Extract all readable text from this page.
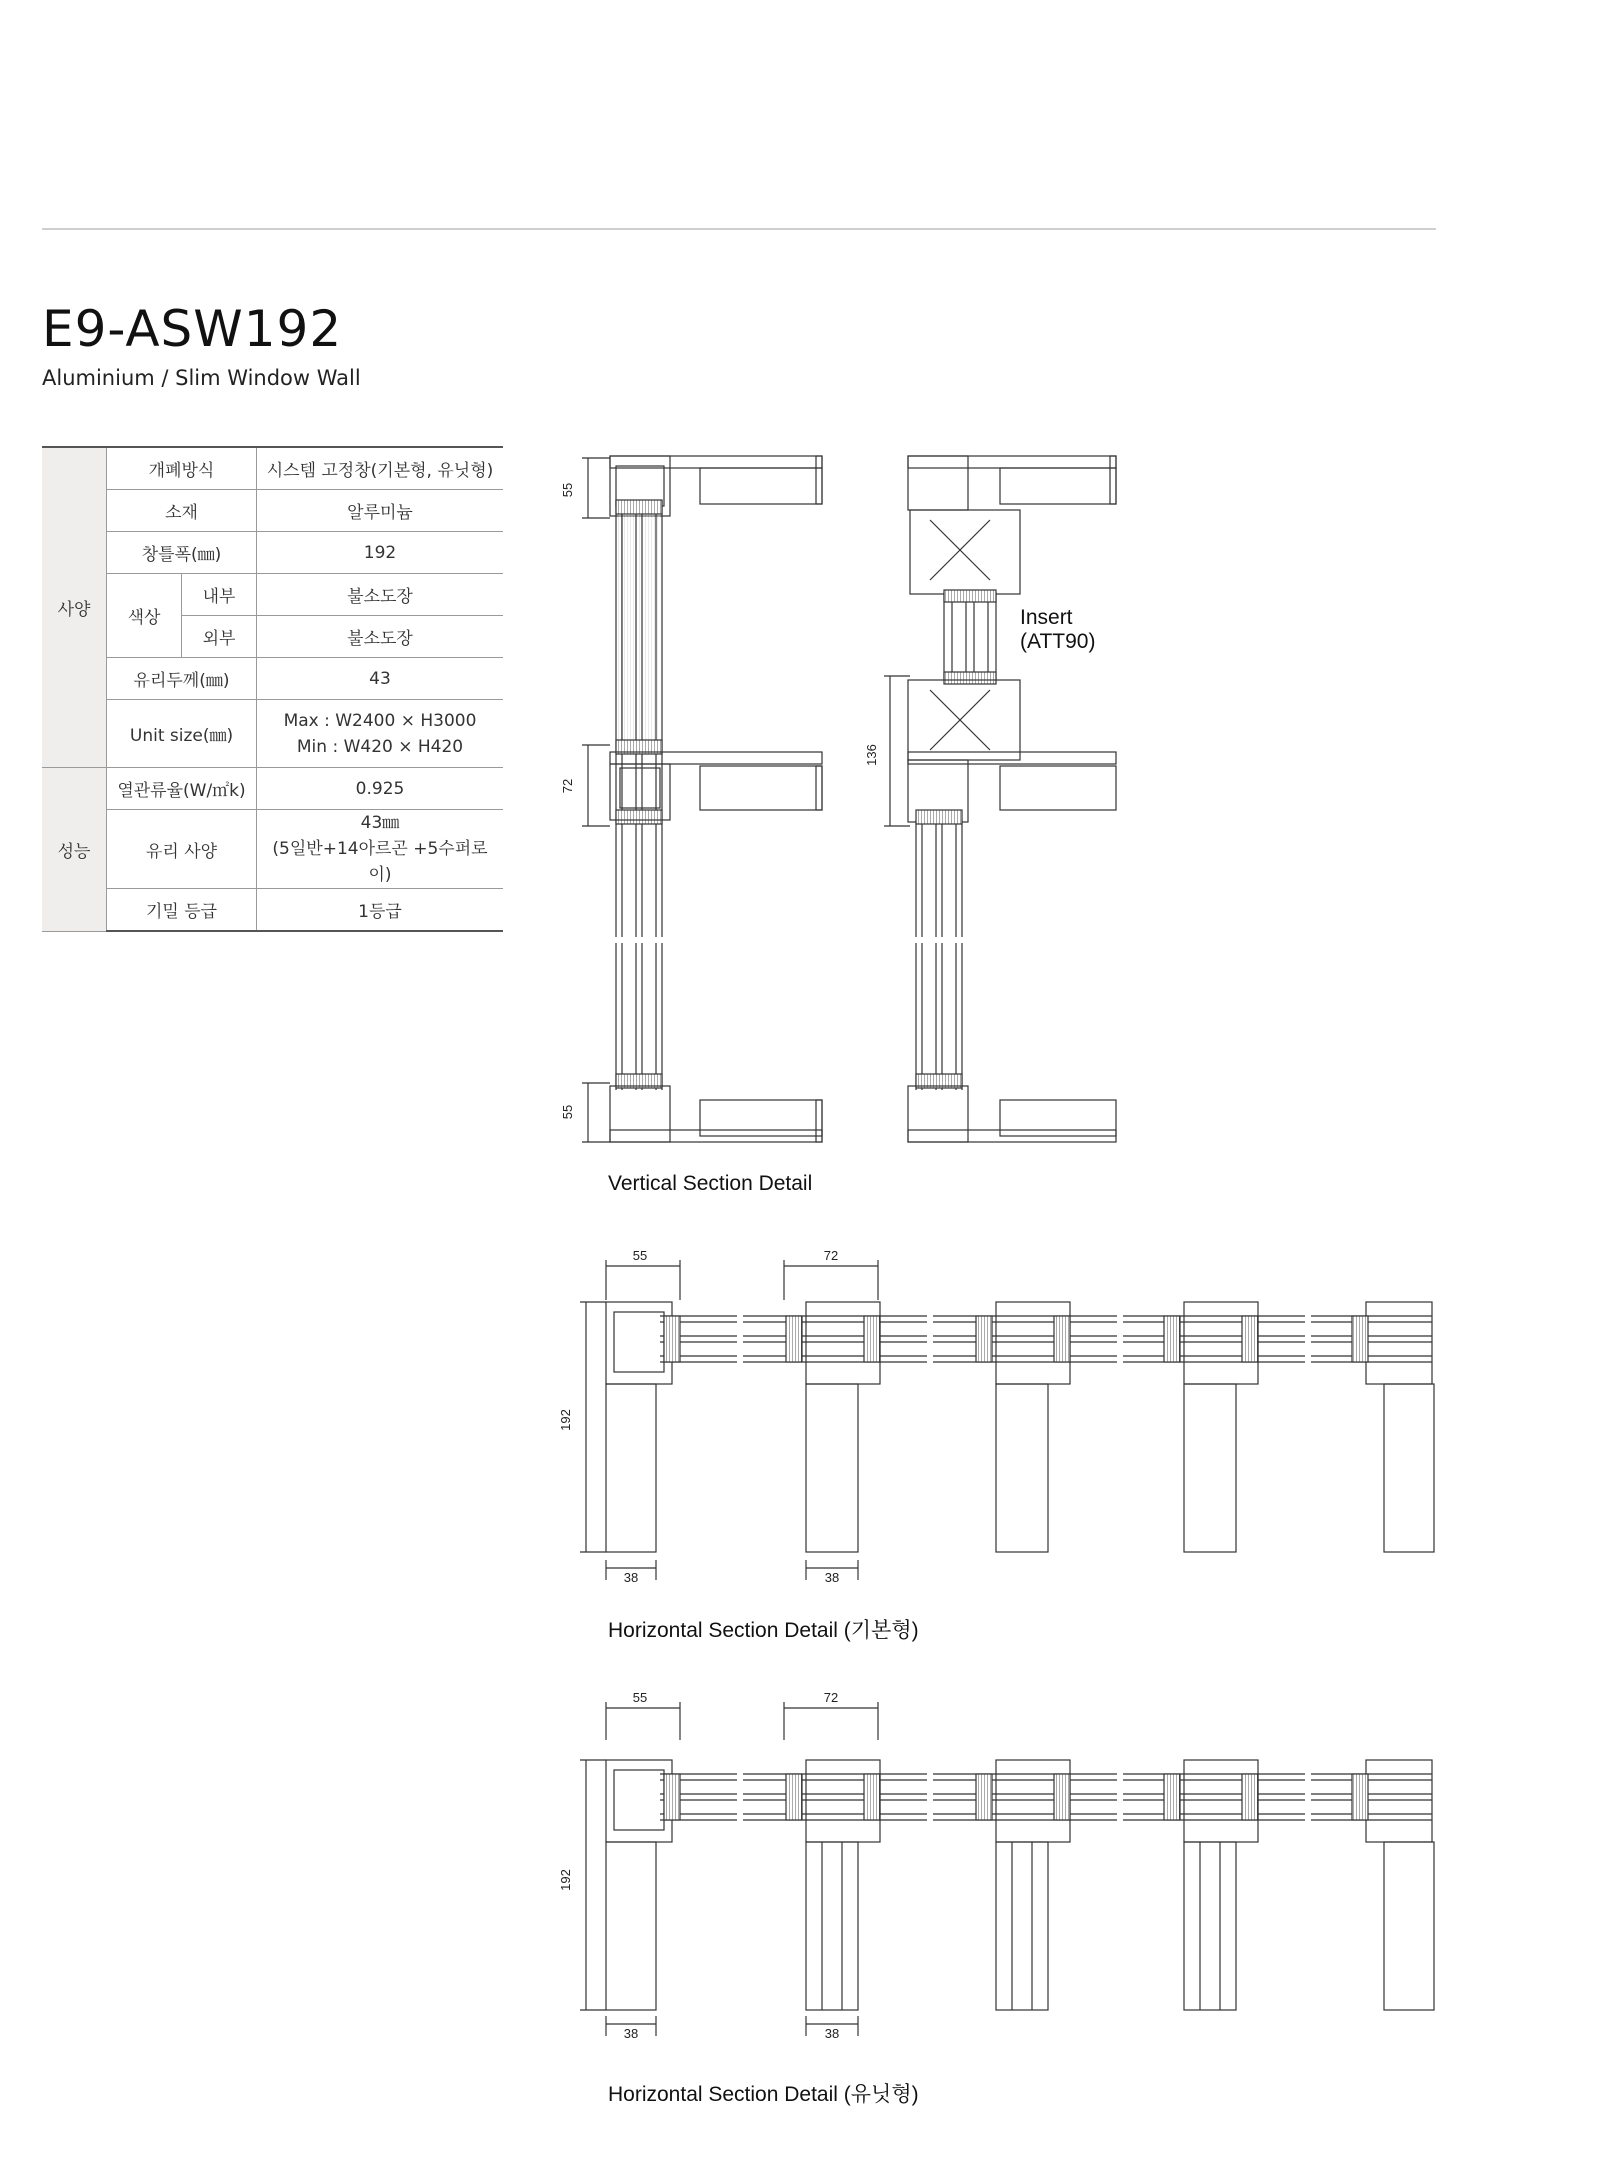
E9-ASW192
Aluminium / Slim Window Wall
사양	개폐방식		시스템 고정창(기본형, 유닛형)
	소재		알루미늄
	창틀폭(㎜)		192
	색상	내부	불소도장
		외부	불소도장
	유리두께(㎜)		43
	Unit size(㎜)		Max : W2400 × H3000
Min : W420 × H420

성능	열관류율(W/㎡k)		0.925
	유리 사양		43㎜
(5일반+14아르곤 +5수퍼로이)

	기밀 등급		1등급
55
72
55
136
55	72
192
38	38
55	72
192
38	38
Insert
(ATT90)
Vertical Section Detail
Horizontal Section Detail (기본형)
Horizontal Section Detail (유닛형)
